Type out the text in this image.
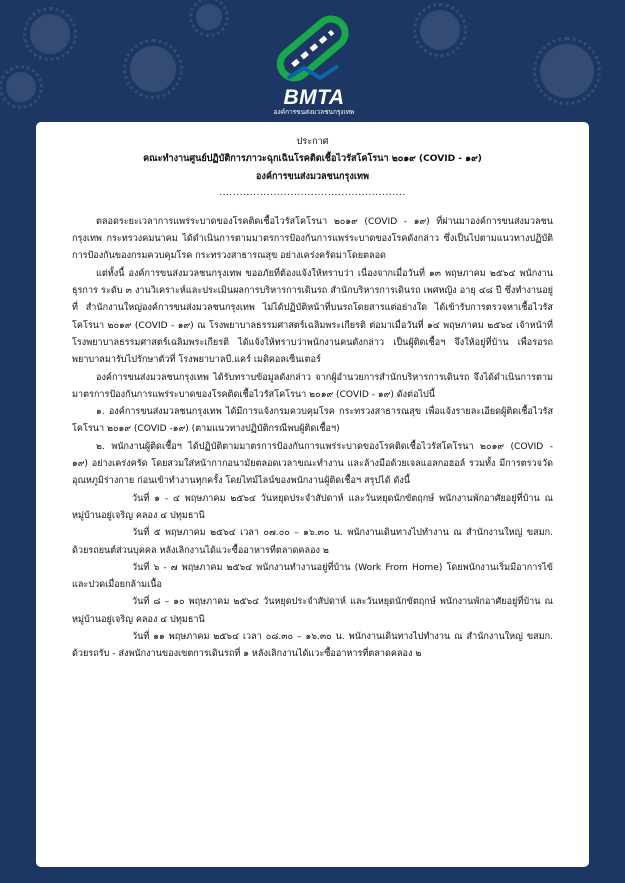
BMTA
องค์การขนส่งมวลชนกรุงเทพ
ประกาศ
คณะทำงานศูนย์ปฏิบัติการภาวะฉุกเฉินโรคติดเชื้อไวรัสโคโรนา ๒๐๑๙ (COVID - ๑๙)
องค์การขนส่งมวลชนกรุงเทพ
.......................................................

ตลอดระยะเวลาการแพร่ระบาดของโรคติดเชื้อไวรัสโคโรนา ๒๐๑๙ (COVID - ๑๙) ที่ผ่านมาองค์การขนส่งมวลชนกรุงเทพ กระทรวงคมนาคม ได้ดำเนินการตามมาตรการป้องกันการแพร่ระบาดของโรคดังกล่าว ซึ่งเป็นไปตามแนวทางปฏิบัติการป้องกันของกรมควบคุมโรค กระทรวงสาธารณสุข อย่างเคร่งครัดมาโดยตลอด

แต่ทั้งนี้ องค์การขนส่งมวลชนกรุงเทพ ขออภัยที่ต้องแจ้งให้ทราบว่า เนื่องจากเมื่อวันที่ ๑๓ พฤษภาคม ๒๕๖๔ พนักงานธุรการ ระดับ ๓ งานวิเคราะห์และประเมินผลการบริหารการเดินรถ สำนักบริหารการเดินรถ เพศหญิง อายุ ๔๘ ปี ซึ่งทำงานอยู่ที่ สำนักงานใหญ่องค์การขนส่งมวลชนกรุงเทพ ไม่ได้ปฏิบัติหน้าที่บนรถโดยสารแต่อย่างใด ได้เข้ารับการตรวจหาเชื้อไวรัสโคโรนา ๒๐๑๙ (COVID - ๑๙) ณ โรงพยาบาลธรรมศาสตร์เฉลิมพระเกียรติ ต่อมาเมื่อวันที่ ๑๔ พฤษภาคม ๒๕๖๔ เจ้าหน้าที่โรงพยาบาลธรรมศาสตร์เฉลิมพระเกียรติ ได้แจ้งให้ทราบว่าพนักงานคนดังกล่าว เป็นผู้ติดเชื้อฯ จึงให้อยู่ที่บ้าน เพื่อรอรถพยาบาลมารับไปรักษาตัวที่ โรงพยาบาลบี.แคร์ เมดิคอลเซ็นเตอร์

องค์การขนส่งมวลชนกรุงเทพ ได้รับทราบข้อมูลดังกล่าว จากผู้อำนวยการสำนักบริหารการเดินรถ จึงได้ดำเนินการตามมาตรการป้องกันการแพร่ระบาดของโรคติดเชื้อไวรัสโคโรนา ๒๐๑๙ (COVID - ๑๙) ดังต่อไปนี้

๑. องค์การขนส่งมวลชนกรุงเทพ ได้มีการแจ้งกรมควบคุมโรค กระทรวงสาธารณสุข เพื่อแจ้งรายละเอียดผู้ติดเชื้อไวรัสโคโรนา ๒๐๑๙ (COVID -๑๙) (ตามแนวทางปฏิบัติกรณีพบผู้ติดเชื้อฯ)

๒. พนักงานผู้ติดเชื้อฯ ได้ปฏิบัติตามมาตรการป้องกันการแพร่ระบาดของโรคติดเชื้อไวรัสโคโรนา ๒๐๑๙ (COVID - ๑๙) อย่างเคร่งครัด โดยสวมใส่หน้ากากอนามัยตลอดเวลาขณะทำงาน และล้างมือด้วยเจลแอลกอฮอล์ รวมทั้ง มีการตรวจวัดอุณหภูมิร่างกาย ก่อนเข้าทำงานทุกครั้ง โดยไทม์ไลน์ของพนักงานผู้ติดเชื้อฯ สรุปได้ ดังนี้

วันที่ ๑ - ๔ พฤษภาคม ๒๕๖๔ วันหยุดประจำสัปดาห์ และวันหยุดนักขัตฤกษ์ พนักงานพักอาศัยอยู่ที่บ้าน ณ หมู่บ้านอยู่เจริญ คลอง ๔ ปทุมธานี

วันที่ ๕ พฤษภาคม ๒๕๖๔ เวลา ๐๗.๐๐ – ๑๖.๓๐ น. พนักงานเดินทางไปทำงาน ณ สำนักงานใหญ่ ขสมก. ด้วยรถยนต์ส่วนบุคคล หลังเลิกงานได้แวะซื้ออาหารที่ตลาดคลอง ๒

วันที่ ๖ - ๗ พฤษภาคม ๒๕๖๔ พนักงานทำงานอยู่ที่บ้าน (Work From Home) โดยพนักงานเริ่มมีอาการไข้ และปวดเมื่อยกล้ามเนื้อ

วันที่ ๘ – ๑๐ พฤษภาคม ๒๕๖๔ วันหยุดประจำสัปดาห์ และวันหยุดนักขัตฤกษ์ พนักงานพักอาศัยอยู่ที่บ้าน ณ หมู่บ้านอยู่เจริญ คลอง ๔ ปทุมธานี

วันที่ ๑๑ พฤษภาคม ๒๕๖๔ เวลา ๐๘.๓๐ – ๑๖.๓๐ น. พนักงานเดินทางไปทำงาน ณ สำนักงานใหญ่ ขสมก. ด้วยรถรับ - ส่งพนักงานของเขตการเดินรถที่ ๑ หลังเลิกงานได้แวะซื้ออาหารที่ตลาดคลอง ๒
